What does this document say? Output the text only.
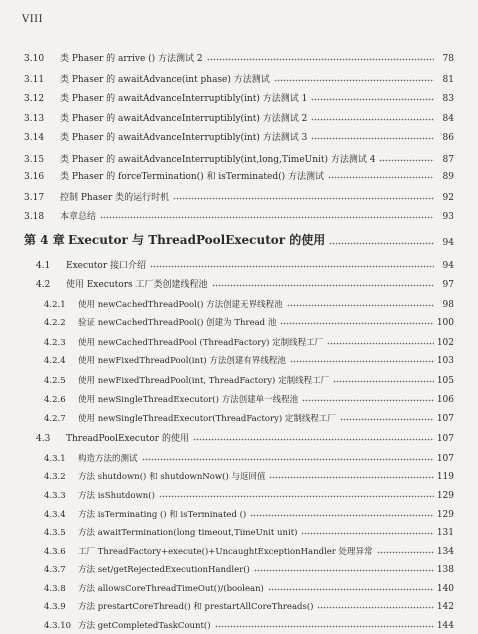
VIII
3.10	类 Phaser 的 arrive () 方法测试 2	78
3.11	类 Phaser 的 awaitAdvance(int phase) 方法测试	81
3.12	类 Phaser 的 awaitAdvanceInterruptibly(int) 方法测试 1	83
3.13	类 Phaser 的 awaitAdvanceInterruptibly(int) 方法测试 2	84
3.14	类 Phaser 的 awaitAdvanceInterruptibly(int) 方法测试 3	86
3.15	类 Phaser 的 awaitAdvanceInterruptibly(int,long,TimeUnit) 方法测试 4	87
3.16	类 Phaser 的 forceTermination() 和 isTerminated() 方法测试	89
3.17	控制 Phaser 类的运行时机	92
3.18	本章总结	93
第 4 章 Executor 与 ThreadPoolExecutor 的使用	94
4.1	Executor 接口介绍	94
4.2	使用 Executors 工厂类创建线程池	97
4.2.1	使用 newCachedThreadPool() 方法创建无界线程池	98
4.2.2	验证 newCachedThreadPool() 创建为 Thread 池	100
4.2.3	使用 newCachedThreadPool (ThreadFactory) 定制线程工厂	102
4.2.4	使用 newFixedThreadPool(int) 方法创建有界线程池	103
4.2.5	使用 newFixedThreadPool(int, ThreadFactory) 定制线程工厂	105
4.2.6	使用 newSingleThreadExecutor() 方法创建单一线程池	106
4.2.7	使用 newSingleThreadExecutor(ThreadFactory) 定制线程工厂	107
4.3	ThreadPoolExecutor 的使用	107
4.3.1	构造方法的测试	107
4.3.2	方法 shutdown() 和 shutdownNow() 与返回值	119
4.3.3	方法 isShutdown()	129
4.3.4	方法 isTerminating () 和 isTerminated ()	129
4.3.5	方法 awaitTermination(long timeout,TimeUnit unit)	131
4.3.6	工厂 ThreadFactory+execute()+UncaughtExceptionHandler 处理异常	134
4.3.7	方法 set/getRejectedExecutionHandler()	138
4.3.8	方法 allowsCoreThreadTimeOut()/(boolean)	140
4.3.9	方法 prestartCoreThread() 和 prestartAllCoreThreads()	142
4.3.10 方法 getCompletedTaskCount()	144
